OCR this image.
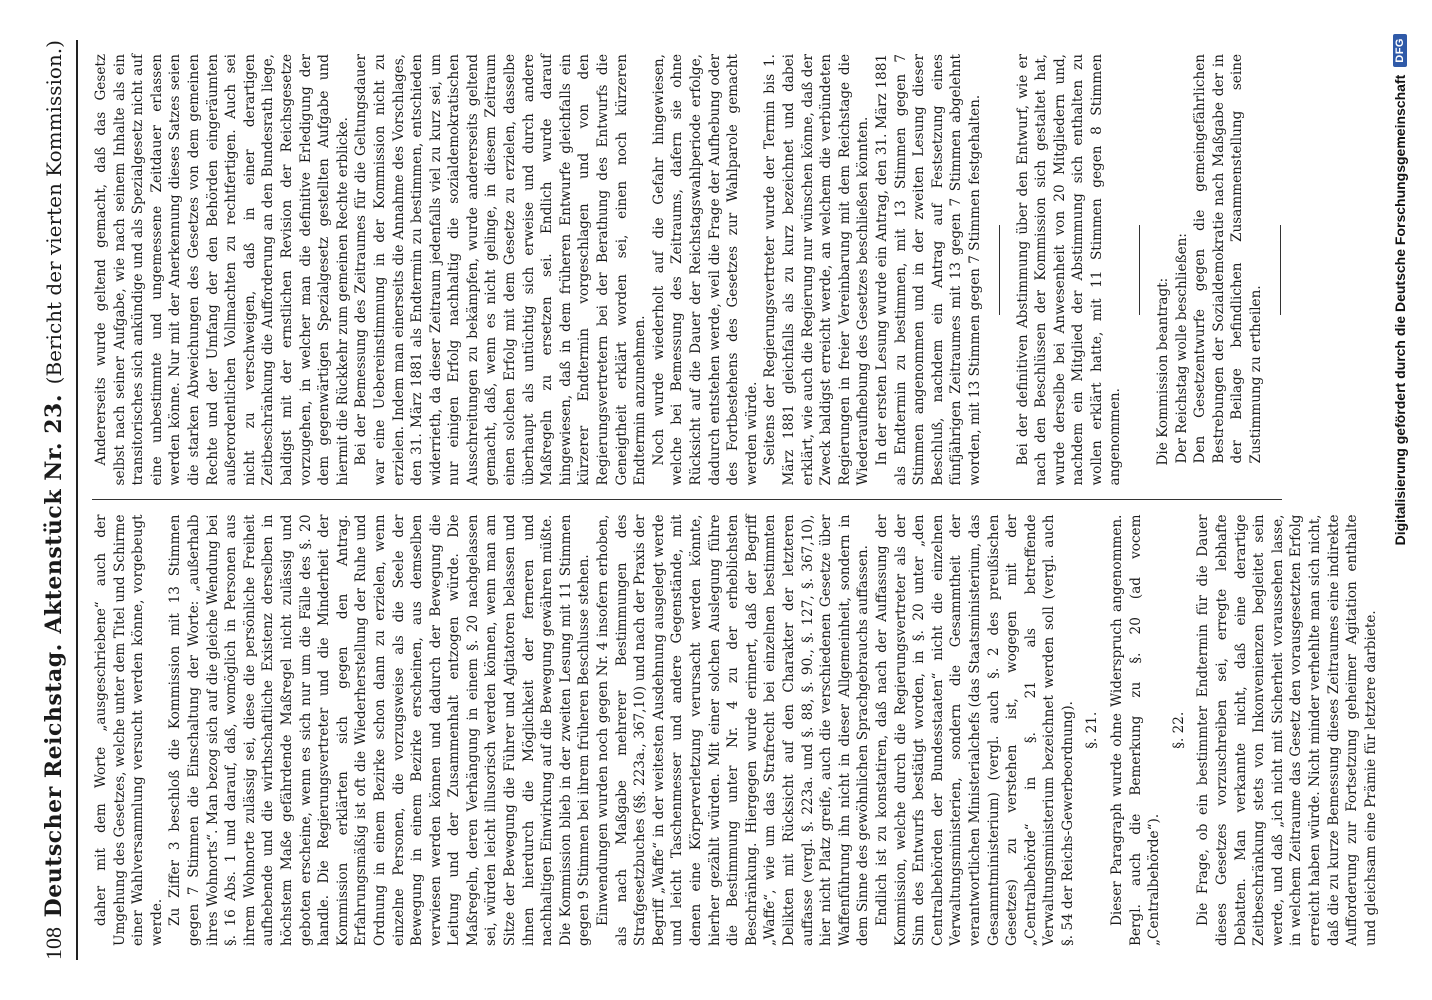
108
Deutscher Reichstag.
Aktenstück Nr. 23.
(Bericht der vierten Kommission.)

daher mit dem Worte „ausgeschriebene“ auch der Umgehung des Gesetzes, welche unter dem Titel und Schirme einer Wahlversammlung versucht werden könne, vorgebeugt werde. Zu Ziffer 3 beschloß die Kommission mit 13 Stimmen gegen 7 Stimmen die Einschaltung der Worte: „außerhalb ihres Wohnorts“. Man bezog sich auf die gleiche Wendung bei §. 16 Abs. 1 und darauf, daß, womöglich in Personen aus ihrem Wohnorte zulässig sei, diese die persönliche Freiheit aufhebende und die wirthschaftliche Existenz derselben in höchstem Maße gefährdende Maßregel nicht zulässig und geboten erscheine, wenn es sich nur um die Fälle des §. 20 handle. Die Regierungsvertreter und die Minderheit der Kommission erklärten sich gegen den Antrag. Erfahrungsmäßig ist oft die Wiederherstellung der Ruhe und Ordnung in einem Bezirke schon dann zu erzielen, wenn einzelne Personen, die vorzugsweise als die Seele der Bewegung in einem Bezirke erscheinen, aus demselben verwiesen werden können und dadurch der Bewegung die Leitung und der Zusammenhalt entzogen würde. Die Maßregeln, deren Verhängung in einem §. 20 nachgelassen sei, würden leicht illusorisch werden können, wenn man am Sitze der Bewegung die Führer und Agitatoren belassen und ihnen hierdurch die Möglichkeit der ferneren und nachhaltigen Einwirkung auf die Bewegung gewähren müßte. Die Kommission blieb in der zweiten Lesung mit 11 Stimmen gegen 9 Stimmen bei ihrem früheren Beschlusse stehen. Einwendungen wurden noch gegen Nr. 4 insofern erhoben, als nach Maßgabe mehrerer Bestimmungen des Strafgesetzbuches (§§. 223a., 367,10) und nach der Praxis der Begriff „Waffe“ in der weitesten Ausdehnung ausgelegt werde und leicht Taschenmesser und andere Gegenstände, mit denen eine Körperverletzung verursacht werden könnte, hierher gezählt würden. Mit einer solchen Auslegung führe die Bestimmung unter Nr. 4 zu der erheblichsten Beschränkung. Hiergegen wurde erinnert, daß der Begriff „Waffe“, wie um das Strafrecht bei einzelnen bestimmten Delikten mit Rücksicht auf den Charakter der letzteren auffasse (vergl. §. 223a. und §. 88, §. 90., §. 127, §. 367,10), hier nicht Platz greife, auch die verschiedenen Gesetze über Waffenführung ihn nicht in dieser Allgemeinheit, sondern in dem Sinne des gewöhnlichen Sprachgebrauchs auffassen. Endlich ist zu konstatiren, daß nach der Auffassung der Kommission, welche durch die Regierungsvertreter als der Sinn des Entwurfs bestätigt worden, in §. 20 unter „den Centralbehörden der Bundesstaaten“ nicht die einzelnen Verwaltungsministerien, sondern die Gesammtheit der verantwortlichen Ministerialchefs (das Staatsministerium, das Gesammtministerium) (vergl. auch §. 2 des preußischen Gesetzes) zu verstehen ist, wogegen mit der „Centralbehörde“ in §. 21 als betreffende Verwaltungsministerium bezeichnet werden soll (vergl. auch §. 54 der Reichs-Gewerbeordnung). §. 21. Dieser Paragraph wurde ohne Widerspruch angenommen. Bergl. auch die Bemerkung zu §. 20 (ad vocem „Centralbehörde“).

§. 22. Die Frage, ob ein bestimmter Endtermin für die Dauer dieses Gesetzes vorzuschreiben sei, erregte lebhafte Debatten. Man verkannte nicht, daß eine derartige Zeitbeschränkung stets von Inkonvenienzen begleitet sein werde, und daß „ich nicht mit Sicherheit voraussehen lasse, in welchem Zeitraume das Gesetz den vorausgesetzten Erfolg erreicht haben würde. Nicht minder verhehlte man sich nicht, daß die zu kurze Bemessung dieses Zeitraumes eine indirekte Aufforderung zur Fortsetzung geheimer Agitation enthalte und gleichsam eine Prämie für letztere darbiete.

Andererseits wurde geltend gemacht, daß das Gesetz selbst nach seiner Aufgabe, wie nach seinem Inhalte als ein transitorisches sich ankündige und als Spezialgesetz nicht auf eine unbestimmte und ungemessene Zeitdauer erlassen werden könne. Nur mit der Anerkennung dieses Satzes seien die starken Abweichungen des Gesetzes von dem gemeinen Rechte und der Umfang der den Behörden eingeräumten außerordentlichen Vollmachten zu rechtfertigen. Auch sei nicht zu verschweigen, daß in einer derartigen Zeitbeschränkung die Aufforderung an den Bundesrath liege, baldigst mit der ernstlichen Revision der Reichsgesetze vorzugehen, in welcher man die definitive Erledigung der dem gegenwärtigen Spezialgesetz gestellten Aufgabe und hiermit die Rückkehr zum gemeinen Rechte erblicke. Bei der Bemessung des Zeitraumes für die Geltungsdauer war eine Uebereinstimmung in der Kommission nicht zu erzielen. Indem man einerseits die Annahme des Vorschlages, den 31. März 1881 als Endtermin zu bestimmen, entschieden widerrieth, da dieser Zeitraum jedenfalls viel zu kurz sei, um nur einigen Erfolg nachhaltig die sozialdemokratischen Ausschreitungen zu bekämpfen, wurde andererseits geltend gemacht, daß, wenn es nicht gelinge, in diesem Zeitraum einen solchen Erfolg mit dem Gesetze zu erzielen, dasselbe überhaupt als untüchtig sich erweise und durch andere Maßregeln zu ersetzen sei. Endlich wurde darauf hingewiesen, daß in dem früheren Entwurfe gleichfalls ein kürzerer Endtermin vorgeschlagen und von den Regierungsvertretern bei der Berathung des Entwurfs die Geneigtheit erklärt worden sei, einen noch kürzeren Endtermin anzunehmen. Noch wurde wiederholt auf die Gefahr hingewiesen, welche bei Bemessung des Zeitraums, dafern sie ohne Rücksicht auf die Dauer der Reichstagswahlperiode erfolge, dadurch entstehen werde, weil die Frage der Aufhebung oder des Fortbestehens des Gesetzes zur Wahlparole gemacht werden würde. Seitens der Regierungsvertreter wurde der Termin bis 1. März 1881 gleichfalls als zu kurz bezeichnet und dabei erklärt, wie auch die Regierung nur wünschen könne, daß der Zweck baldigst erreicht werde, an welchem die verbündeten Regierungen in freier Vereinbarung mit dem Reichstage die Wiederaufhebung des Gesetzes beschließen könnten. In der ersten Lesung wurde ein Antrag, den 31. März 1881 als Endtermin zu bestimmen, mit 13 Stimmen gegen 7 Stimmen angenommen und in der zweiten Lesung dieser Beschluß, nachdem ein Antrag auf Festsetzung eines fünfjährigen Zeitraumes mit 13 gegen 7 Stimmen abgelehnt worden, mit 13 Stimmen gegen 7 Stimmen festgehalten. Bei der definitiven Abstimmung über den Entwurf, wie er nach den Beschlüssen der Kommission sich gestaltet hat, wurde derselbe bei Anwesenheit von 20 Mitgliedern und, nachdem ein Mitglied der Abstimmung sich enthalten zu wollen erklärt hatte, mit 11 Stimmen gegen 8 Stimmen angenommen. Die Kommission beantragt: Der Reichstag wolle beschließen: Den Gesetzentwurfe gegen die gemeingefährlichen Bestrebungen der Sozialdemokratie nach Maßgabe der in der Beilage befindlichen Zusammenstellung seine Zustimmung zu ertheilen.	Digitalisierung gefördert durch die Deutsche Forschungsgemeinschaft
DFG
